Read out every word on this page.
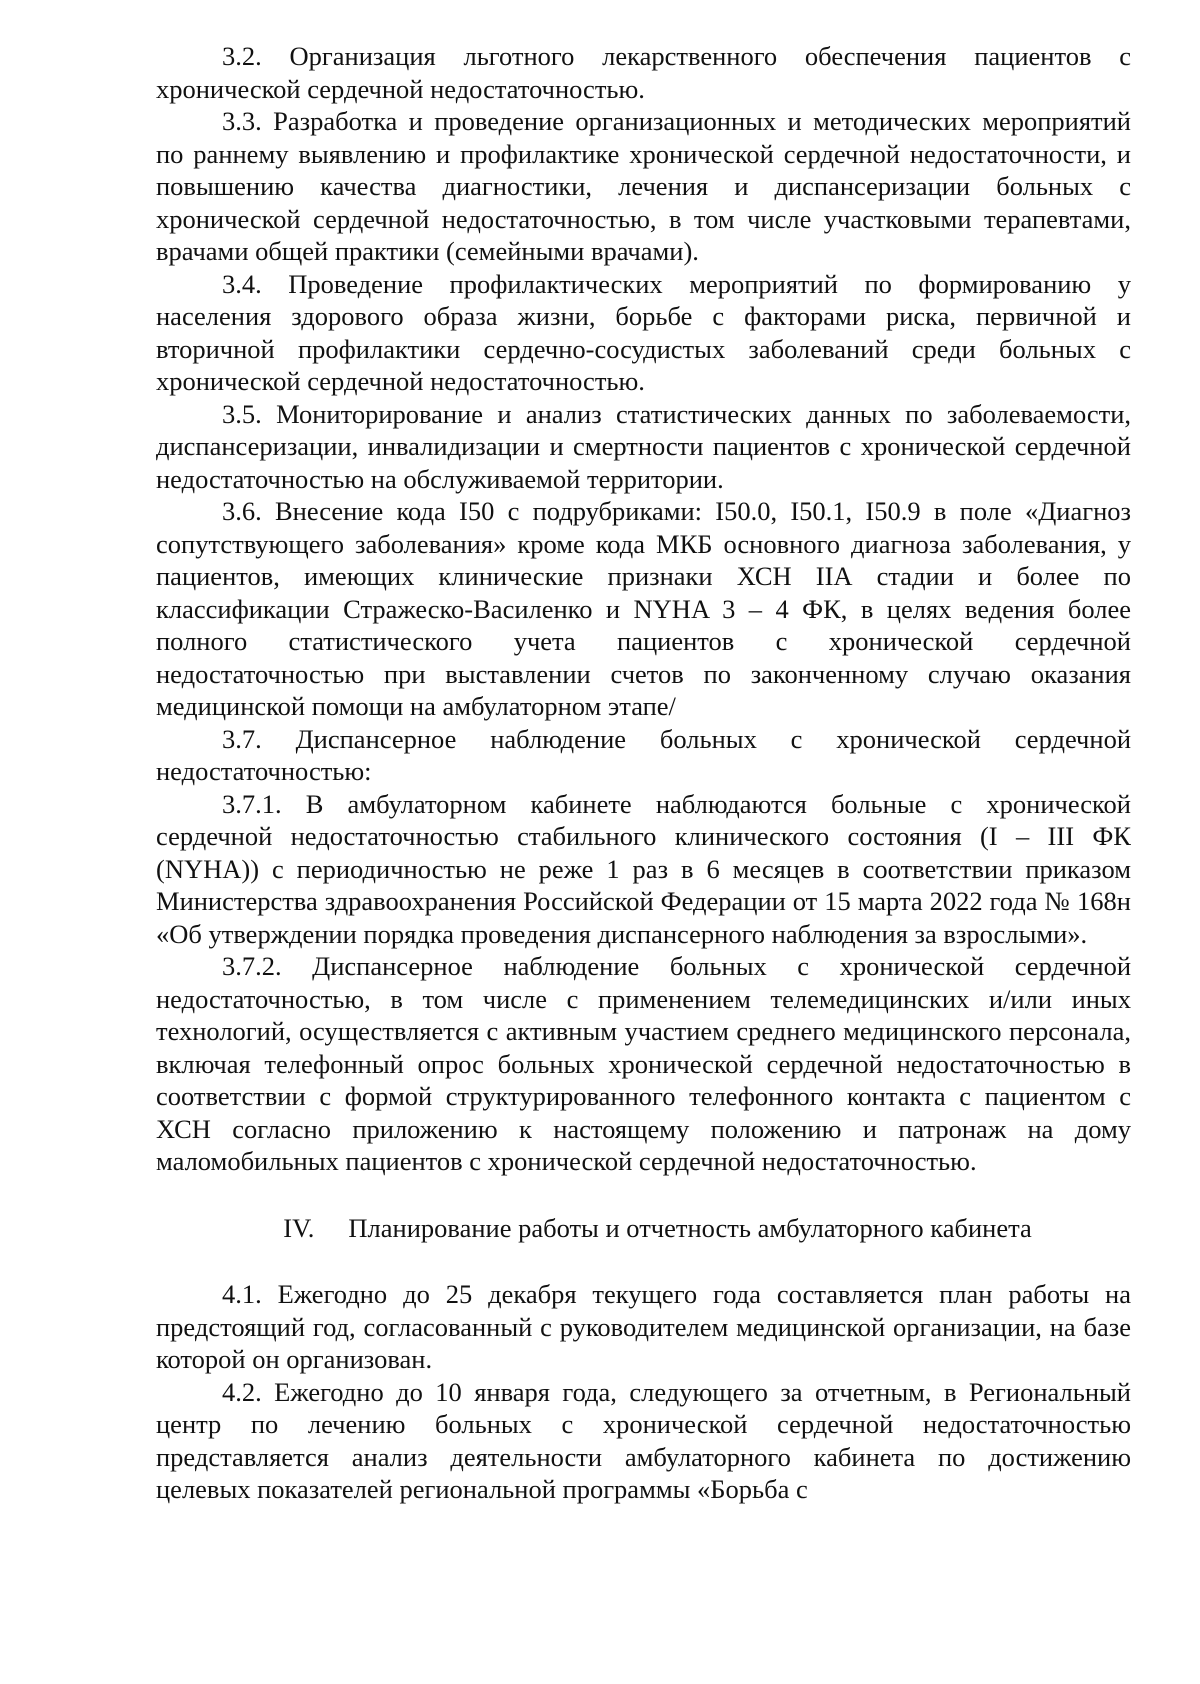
3.2. Организация льготного лекарственного обеспечения пациентов с хронической сердечной недостаточностью.

3.3. Разработка и проведение организационных и методических мероприятий по раннему выявлению и профилактике хронической сердечной недостаточности, и повышению качества диагностики, лечения и диспансеризации больных с хронической сердечной недостаточностью, в том числе участковыми терапевтами, врачами общей практики (семейными врачами).

3.4. Проведение профилактических мероприятий по формированию у населения здорового образа жизни, борьбе с факторами риска, первичной и вторичной профилактики сердечно-сосудистых заболеваний среди больных с хронической сердечной недостаточностью.

3.5. Мониторирование и анализ статистических данных по заболеваемости, диспансеризации, инвалидизации и смертности пациентов с хронической сердечной недостаточностью на обслуживаемой территории.

3.6. Внесение кода I50 с подрубриками: I50.0, I50.1, I50.9 в поле «Диагноз сопутствующего заболевания» кроме кода МКБ основного диагноза заболевания, у пациентов, имеющих клинические признаки ХСН IIА стадии и более по классификации Стражеско-Василенко и NYHA 3 – 4 ФК, в целях ведения более полного статистического учета пациентов с хронической сердечной недостаточностью при выставлении счетов по законченному случаю оказания медицинской помощи на амбулаторном этапе/

3.7. Диспансерное наблюдение больных с хронической сердечной недостаточностью:

3.7.1. В амбулаторном кабинете наблюдаются больные с хронической сердечной недостаточностью стабильного клинического состояния (I – III ФК (NYHA)) с периодичностью не реже 1 раз в 6 месяцев в соответствии приказом Министерства здравоохранения Российской Федерации от 15 марта 2022 года № 168н «Об утверждении порядка проведения диспансерного наблюдения за взрослыми».

3.7.2. Диспансерное наблюдение больных с хронической сердечной недостаточностью, в том числе с применением телемедицинских и/или иных технологий, осуществляется с активным участием среднего медицинского персонала, включая телефонный опрос больных хронической сердечной недостаточностью в соответствии с формой структурированного телефонного контакта с пациентом с ХСН согласно приложению к настоящему положению и патронаж на дому маломобильных пациентов с хронической сердечной недостаточностью.

IV. Планирование работы и отчетность амбулаторного кабинета

4.1. Ежегодно до 25 декабря текущего года составляется план работы на предстоящий год, согласованный с руководителем медицинской организации, на базе которой он организован.

4.2. Ежегодно до 10 января года, следующего за отчетным, в Региональный центр по лечению больных с хронической сердечной недостаточностью представляется анализ деятельности амбулаторного кабинета по достижению целевых показателей региональной программы «Борьба с
